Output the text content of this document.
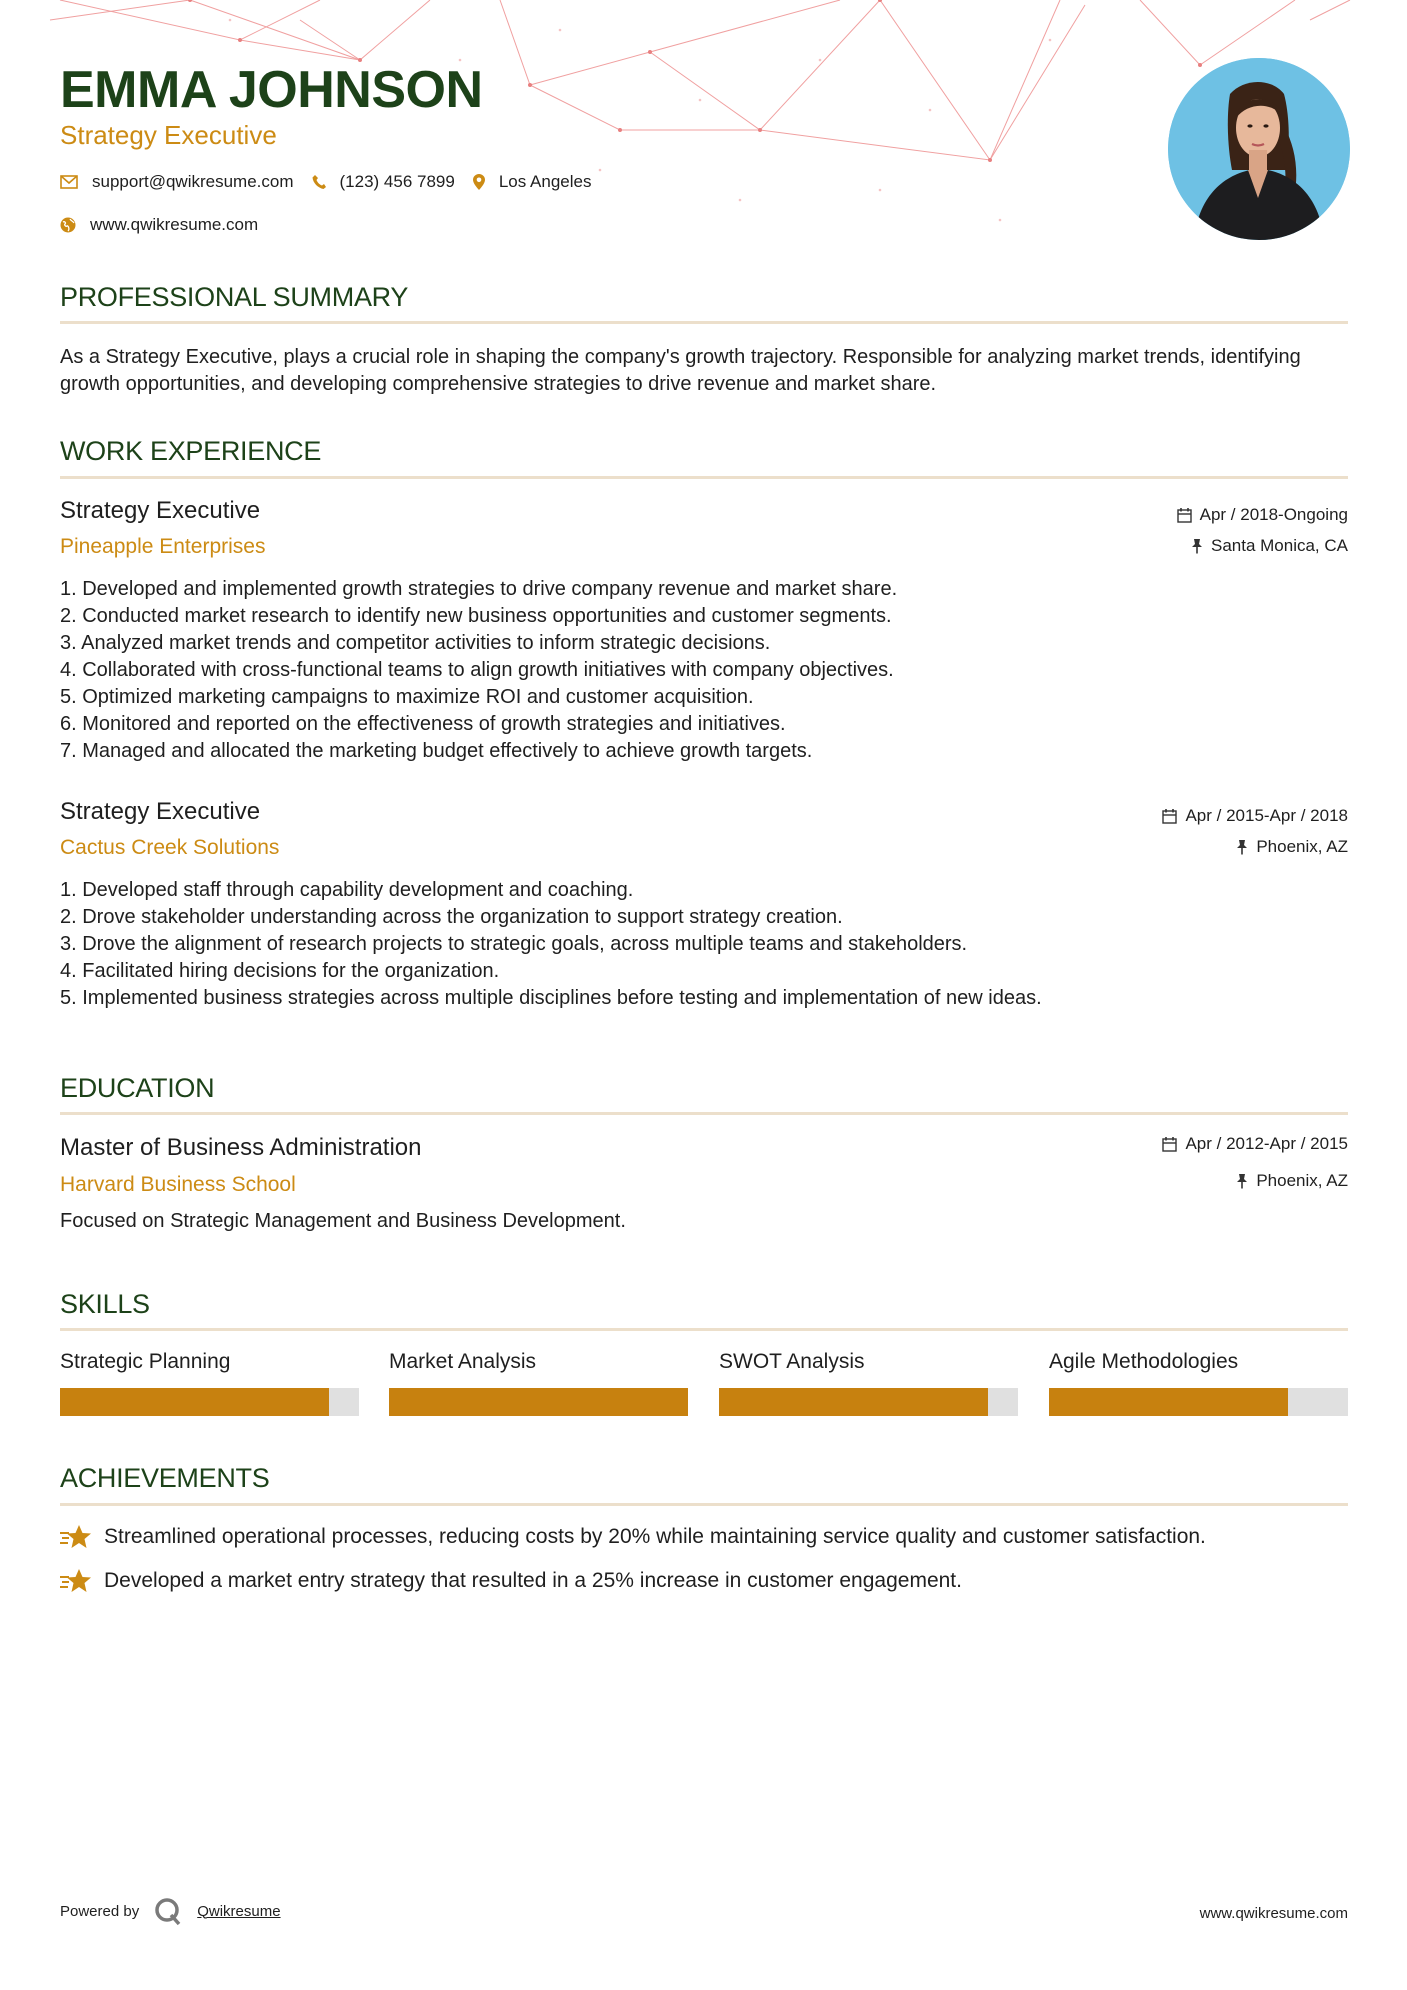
EMMA JOHNSON
Strategy Executive
support@qwikresume.com	(123) 456 7899	Los Angeles
www.qwikresume.com
PROFESSIONAL SUMMARY

As a Strategy Executive, plays a crucial role in shaping the company's growth trajectory. Responsible for analyzing market trends, identifying growth opportunities, and developing comprehensive strategies to drive revenue and market share.

WORK EXPERIENCE
Strategy Executive
Pineapple Enterprises
Apr / 2018-Ongoing
Santa Monica, CA
1. Developed and implemented growth strategies to drive company revenue and market share.
2. Conducted market research to identify new business opportunities and customer segments.
3. Analyzed market trends and competitor activities to inform strategic decisions.
4. Collaborated with cross-functional teams to align growth initiatives with company objectives.
5. Optimized marketing campaigns to maximize ROI and customer acquisition.
6. Monitored and reported on the effectiveness of growth strategies and initiatives.
7. Managed and allocated the marketing budget effectively to achieve growth targets.
Strategy Executive
Cactus Creek Solutions
Apr / 2015-Apr / 2018
Phoenix, AZ
1. Developed staff through capability development and coaching.
2. Drove stakeholder understanding across the organization to support strategy creation.
3. Drove the alignment of research projects to strategic goals, across multiple teams and stakeholders.
4. Facilitated hiring decisions for the organization.
5. Implemented business strategies across multiple disciplines before testing and implementation of new ideas.
EDUCATION
Master of Business Administration
Harvard Business School
Apr / 2012-Apr / 2015
Phoenix, AZ

Focused on Strategic Management and Business Development.

SKILLS
Strategic Planning	Market Analysis	SWOT Analysis	Agile Methodologies
ACHIEVEMENTS
Streamlined operational processes, reducing costs by 20% while maintaining service quality and customer satisfaction.
Developed a market entry strategy that resulted in a 25% increase in customer engagement.
Powered by	Qwikresume	www.qwikresume.com
